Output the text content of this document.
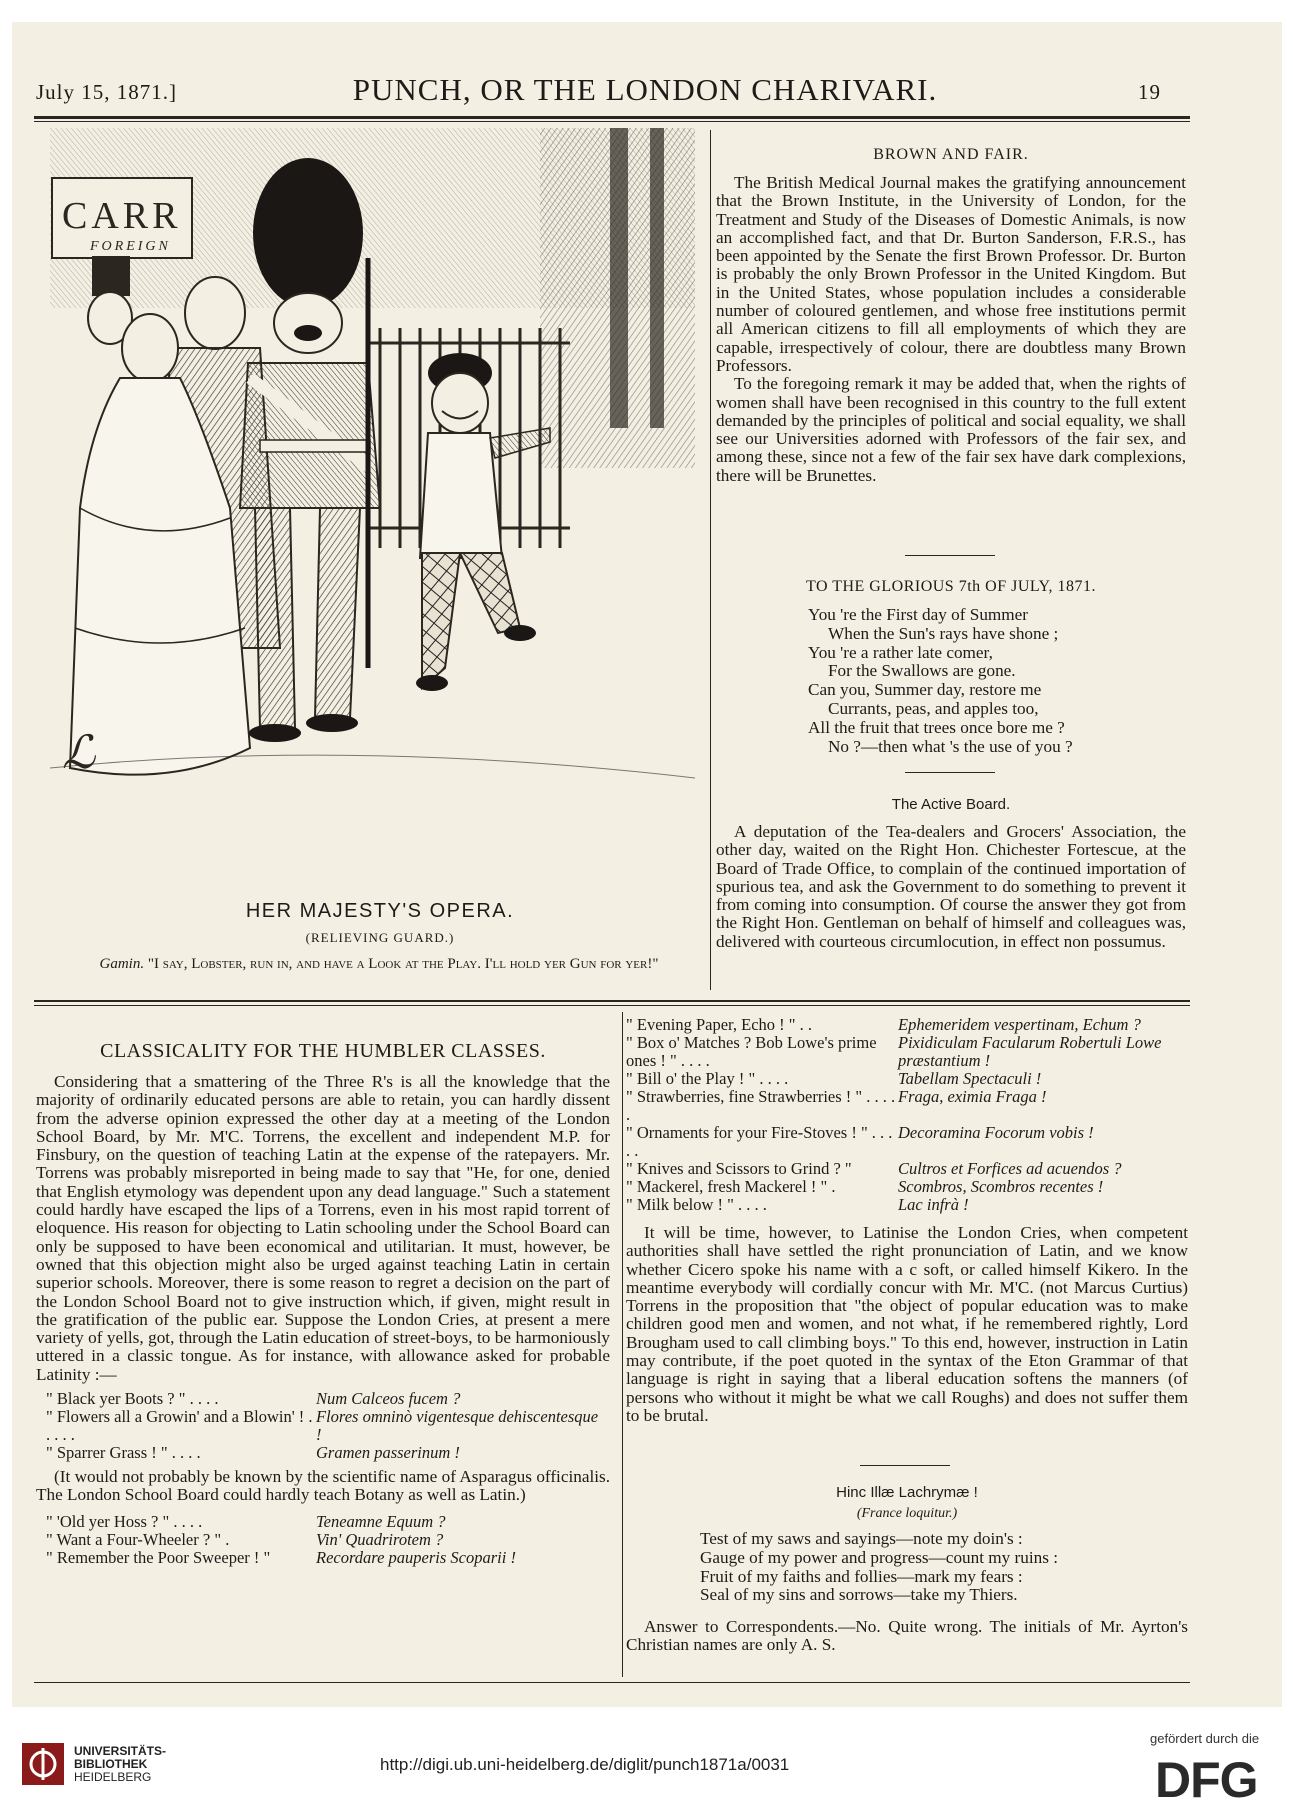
July 15, 1871.]	PUNCH, OR THE LONDON CHARIVARI.	19
CARR
FOREIGN
ℒ
HER MAJESTY'S OPERA.
(RELIEVING GUARD.)
Gamin. "I say, Lobster, run in, and have a Look at the Play. I'll hold yer Gun for yer!"
BROWN AND FAIR.

The British Medical Journal makes the gratifying announcement that the Brown Institute, in the University of London, for the Treatment and Study of the Diseases of Domestic Animals, is now an accomplished fact, and that Dr. Burton Sanderson, F.R.S., has been appointed by the Senate the first Brown Professor. Dr. Burton is probably the only Brown Professor in the United Kingdom. But in the United States, whose population includes a considerable number of coloured gentlemen, and whose free institutions permit all American citizens to fill all employments of which they are capable, irrespectively of colour, there are doubtless many Brown Professors.

To the foregoing remark it may be added that, when the rights of women shall have been recognised in this country to the full extent demanded by the principles of political and social equality, we shall see our Universities adorned with Professors of the fair sex, and among these, since not a few of the fair sex have dark complexions, there will be Brunettes.

TO THE GLORIOUS 7th OF JULY, 1871.
You 're the First day of Summer
When the Sun's rays have shone ;
You 're a rather late comer,
For the Swallows are gone.
Can you, Summer day, restore me
Currants, peas, and apples too,
All the fruit that trees once bore me ?
No ?—then what 's the use of you ?
The Active Board.

A deputation of the Tea-dealers and Grocers' Association, the other day, waited on the Right Hon. Chichester Fortescue, at the Board of Trade Office, to complain of the continued importation of spurious tea, and ask the Government to do something to prevent it from coming into consumption. Of course the answer they got from the Right Hon. Gentleman on behalf of himself and colleagues was, delivered with courteous circumlocution, in effect non possumus.

CLASSICALITY FOR THE HUMBLER CLASSES.

Considering that a smattering of the Three R's is all the knowledge that the majority of ordinarily educated persons are able to retain, you can hardly dissent from the adverse opinion expressed the other day at a meeting of the London School Board, by Mr. M'C. Torrens, the excellent and independent M.P. for Finsbury, on the question of teaching Latin at the expense of the ratepayers. Mr. Torrens was probably misreported in being made to say that "He, for one, denied that English etymology was dependent upon any dead language." Such a statement could hardly have escaped the lips of a Torrens, even in his most rapid torrent of eloquence. His reason for objecting to Latin schooling under the School Board can only be supposed to have been economical and utilitarian. It must, however, be owned that this objection might also be urged against teaching Latin in certain superior schools. Moreover, there is some reason to regret a decision on the part of the London School Board not to give instruction which, if given, might result in the gratification of the public ear. Suppose the London Cries, at present a mere variety of yells, got, through the Latin education of street-boys, to be harmoniously uttered in a classic tongue. As for instance, with allowance asked for probable Latinity :—

" Black yer Boots ? " . . . .	Num Calceos fucem ?
" Flowers all a Growin' and a Blowin' ! . . . . .	Flores omninò vigentesque dehiscentesque !
" Sparrer Grass ! " . . . .	Gramen passerinum !

(It would not probably be known by the scientific name of Asparagus officinalis. The London School Board could hardly teach Botany as well as Latin.)

" 'Old yer Hoss ? " . . . .	Teneamne Equum ?
" Want a Four-Wheeler ? " .	Vin' Quadrirotem ?
" Remember the Poor Sweeper ! "	Recordare pauperis Scoparii !
" Evening Paper, Echo ! " . .	Ephemeridem vespertinam, Echum ?
" Box o' Matches ? Bob Lowe's prime ones ! " . . . .	Pixidiculam Facularum Robertuli Lowe præstantium !
" Bill o' the Play ! " . . . .	Tabellam Spectaculi !
" Strawberries, fine Strawberries ! " . . . . .	Fraga, eximia Fraga !
" Ornaments for your Fire-Stoves ! " . . . . .	Decoramina Focorum vobis !
" Knives and Scissors to Grind ? "	Cultros et Forfices ad acuendos ?
" Mackerel, fresh Mackerel ! " .	Scombros, Scombros recentes !
" Milk below ! " . . . .	Lac infrà !

It will be time, however, to Latinise the London Cries, when competent authorities shall have settled the right pronunciation of Latin, and we know whether Cicero spoke his name with a c soft, or called himself Kikero. In the meantime everybody will cordially concur with Mr. M'C. (not Marcus Curtius) Torrens in the proposition that "the object of popular education was to make children good men and women, and not what, if he remembered rightly, Lord Brougham used to call climbing boys." To this end, however, instruction in Latin may contribute, if the poet quoted in the syntax of the Eton Grammar of that language is right in saying that a liberal education softens the manners (of persons who without it might be what we call Roughs) and does not suffer them to be brutal.

Hinc Illæ Lachrymæ !
(France loquitur.)
Test of my saws and sayings—note my doin's :
Gauge of my power and progress—count my ruins :
Fruit of my faiths and follies—mark my fears :
Seal of my sins and sorrows—take my Thiers.

Answer to Correspondents.—No. Quite wrong. The initials of Mr. Ayrton's Christian names are only A. S.

UNIVERSITÄTS-
BIBLIOTHEK
HEIDELBERG
http://digi.ub.uni-heidelberg.de/diglit/punch1871a/0031
gefördert durch die
DFG
